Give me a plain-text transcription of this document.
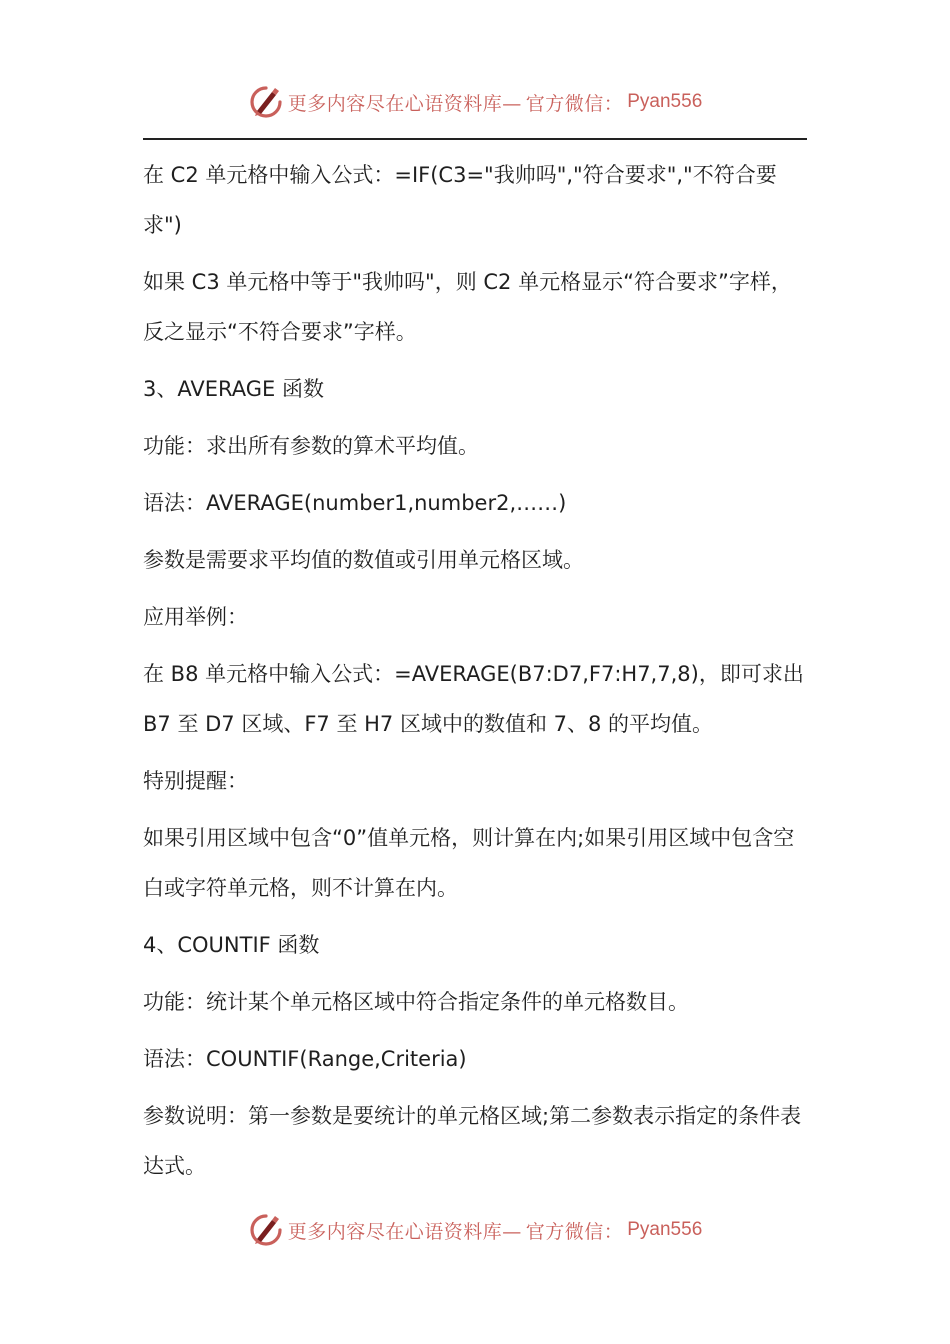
更多内容尽在心语资料库— 官方微信： Pyan556

在 C2 单元格中输入公式：=IF(C3="我帅吗","符合要求","不符合要求")

如果 C3 单元格中等于"我帅吗"，则 C2 单元格显示“符合要求”字样，反之显示“不符合要求”字样。

3、AVERAGE 函数

功能：求出所有参数的算术平均值。

语法：AVERAGE(number1,number2,……)

参数是需要求平均值的数值或引用单元格区域。

应用举例：

在 B8 单元格中输入公式：=AVERAGE(B7:D7,F7:H7,7,8)，即可求出 B7 至 D7 区域、F7 至 H7 区域中的数值和 7、8 的平均值。

特别提醒：

如果引用区域中包含“0”值单元格，则计算在内;如果引用区域中包含空白或字符单元格，则不计算在内。

4、COUNTIF 函数

功能：统计某个单元格区域中符合指定条件的单元格数目。

语法：COUNTIF(Range,Criteria)

参数说明：第一参数是要统计的单元格区域;第二参数表示指定的条件表达式。

更多内容尽在心语资料库— 官方微信： Pyan556
